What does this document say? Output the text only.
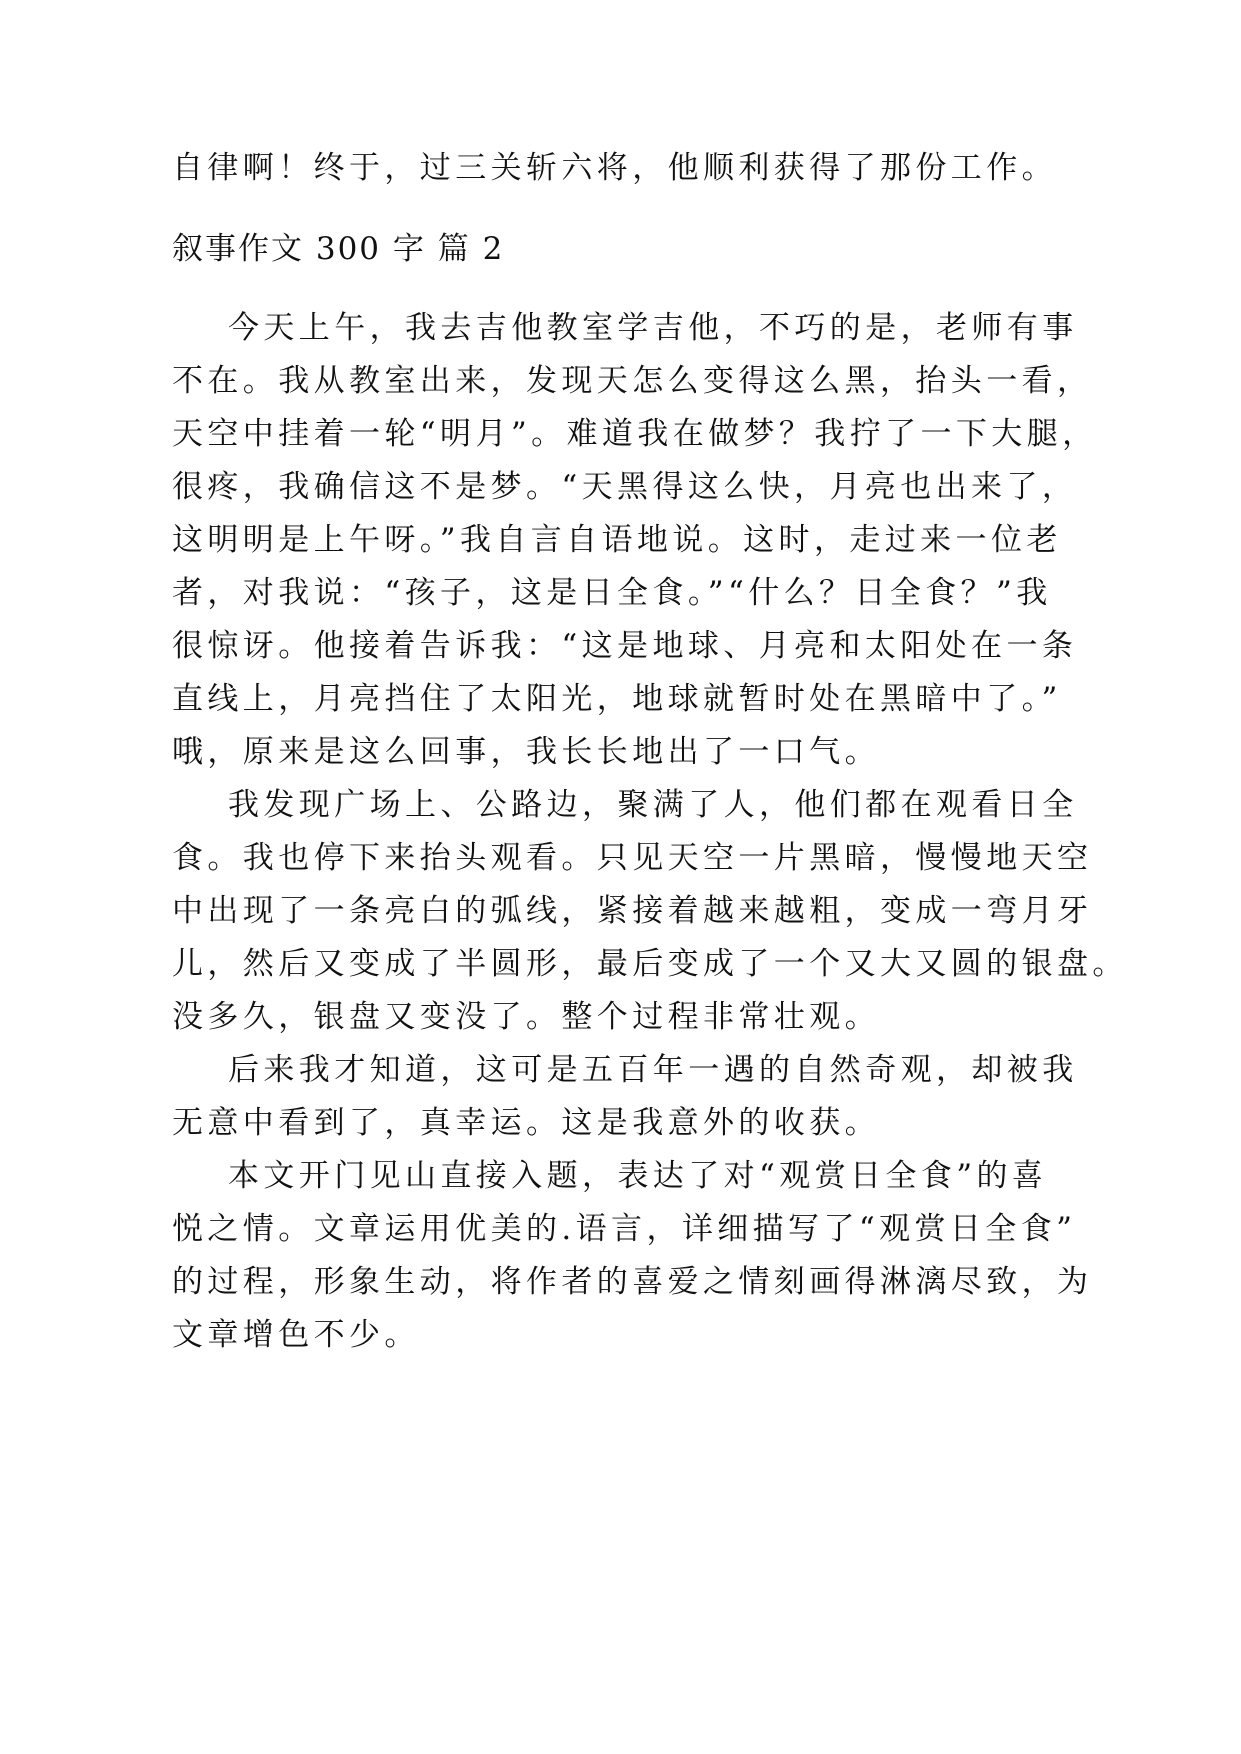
自律啊！终于，过三关斩六将，他顺利获得了那份工作。
叙事作文 300 字 篇 2
今天上午，我去吉他教室学吉他，不巧的是，老师有事
不在。我从教室出来，发现天怎么变得这么黑，抬头一看，
天空中挂着一轮“明月”。难道我在做梦？我拧了一下大腿，
很疼，我确信这不是梦。“天黑得这么快，月亮也出来了，
这明明是上午呀。”我自言自语地说。这时，走过来一位老
者，对我说：“孩子，这是日全食。”“什么？日全食？”我
很惊讶。他接着告诉我：“这是地球、月亮和太阳处在一条
直线上，月亮挡住了太阳光，地球就暂时处在黑暗中了。”
哦，原来是这么回事，我长长地出了一口气。
我发现广场上、公路边，聚满了人，他们都在观看日全
食。我也停下来抬头观看。只见天空一片黑暗，慢慢地天空
中出现了一条亮白的弧线，紧接着越来越粗，变成一弯月牙
儿，然后又变成了半圆形，最后变成了一个又大又圆的银盘。
没多久，银盘又变没了。整个过程非常壮观。
后来我才知道，这可是五百年一遇的自然奇观，却被我
无意中看到了，真幸运。这是我意外的收获。
本文开门见山直接入题，表达了对“观赏日全食”的喜
悦之情。文章运用优美的.语言，详细描写了“观赏日全食”
的过程，形象生动，将作者的喜爱之情刻画得淋漓尽致，为
文章增色不少。
